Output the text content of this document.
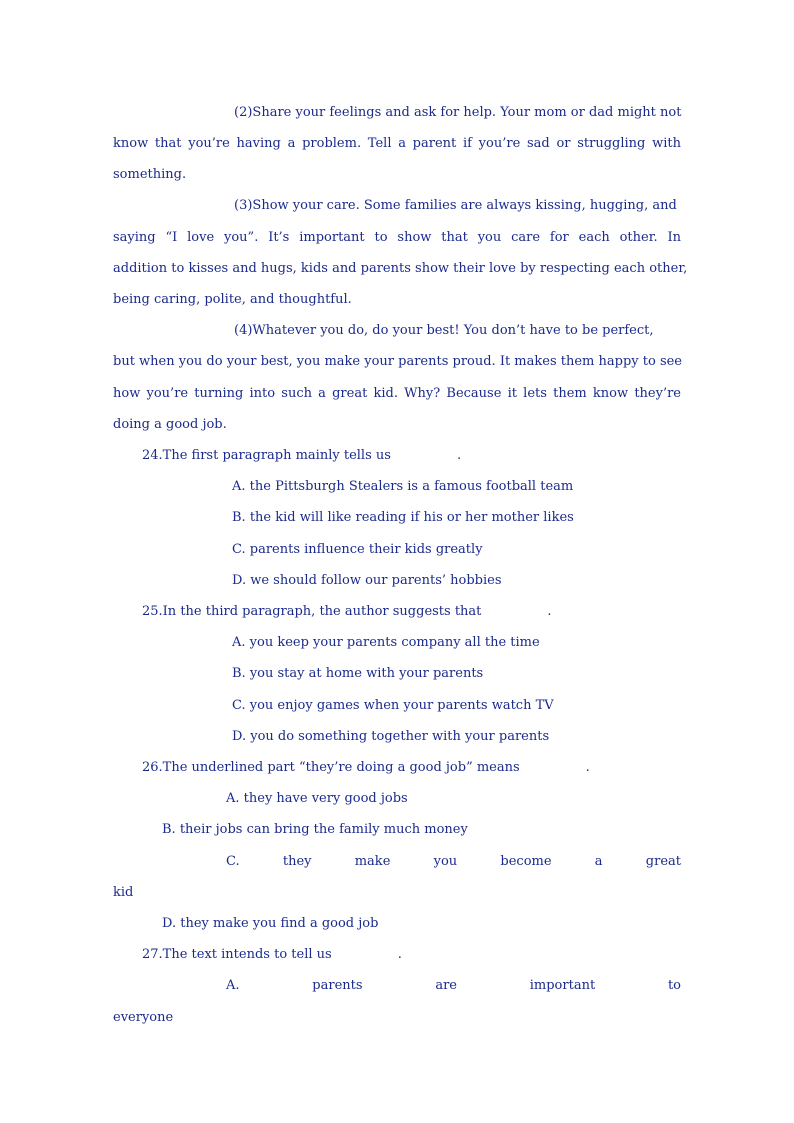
(2)Share your feelings and ask for help. Your mom or dad might not
know that you’re having a problem. Tell a parent if you’re sad or struggling with
something.
(3)Show your care. Some families are always kissing, hugging, and
saying “I love you”. It’s important to show that you care for each other. In
addition to kisses and hugs, kids and parents show their love by respecting each other,
being caring, polite, and thoughtful.
(4)Whatever you do, do your best! You don’t have to be perfect,
but when you do your best, you make your parents proud. It makes them happy to see
how you’re turning into such a great kid. Why? Because it lets them know they’re
doing a good job.
24.The first paragraph mainly tells us	.
A. the Pittsburgh Stealers is a famous football team
B. the kid will like reading if his or her mother likes
C. parents influence their kids greatly
D. we should follow our parents’ hobbies
25.In the third paragraph, the author suggests that	.
A. you keep your parents company all the time
B. you stay at home with your parents
C. you enjoy games when your parents watch TV
D. you do something together with your parents
26.The underlined part “they’re doing a good job” means	.
A. they have very good jobs
B. their jobs can bring the family much money
C. they make you become a great
kid
D. they make you find a good job
27.The text intends to tell us	.
A. parents are important to
everyone
